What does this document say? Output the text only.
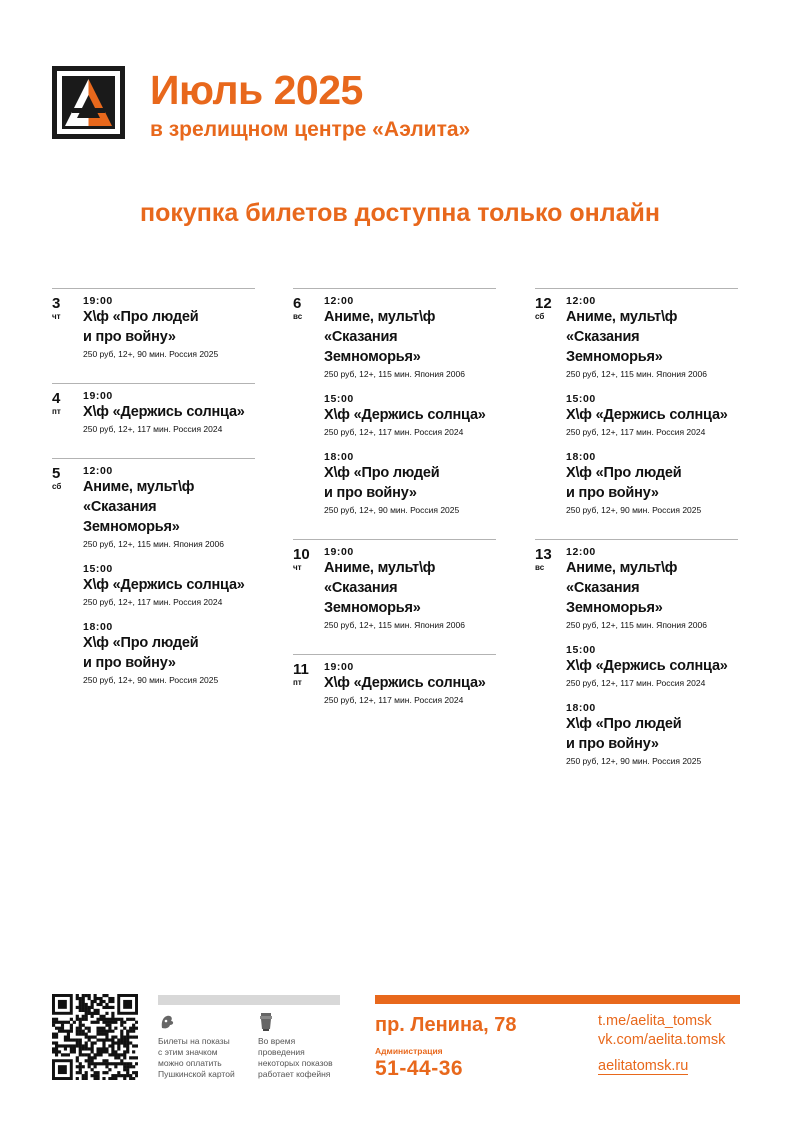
Июль 2025
в зрелищном центре «Аэлита»
покупка билетов доступна только онлайн
3
чт
19:00
Х\ф «Про людей
и про войну»
250 руб, 12+, 90 мин. Россия 2025
4
пт
19:00
Х\ф «Держись солнца»
250 руб, 12+, 117 мин. Россия 2024
5
сб
12:00
Аниме, мульт\ф
«Сказания Земноморья»
250 руб, 12+, 115 мин. Япония 2006
15:00
Х\ф «Держись солнца»
250 руб, 12+, 117 мин. Россия 2024
18:00
Х\ф «Про людей
и про войну»
250 руб, 12+, 90 мин. Россия 2025
6
вс
12:00
Аниме, мульт\ф
«Сказания Земноморья»
250 руб, 12+, 115 мин. Япония 2006
15:00
Х\ф «Держись солнца»
250 руб, 12+, 117 мин. Россия 2024
18:00
Х\ф «Про людей
и про войну»
250 руб, 12+, 90 мин. Россия 2025
10
чт
19:00
Аниме, мульт\ф
«Сказания Земноморья»
250 руб, 12+, 115 мин. Япония 2006
11
пт
19:00
Х\ф «Держись солнца»
250 руб, 12+, 117 мин. Россия 2024
12
сб
12:00
Аниме, мульт\ф
«Сказания Земноморья»
250 руб, 12+, 115 мин. Япония 2006
15:00
Х\ф «Держись солнца»
250 руб, 12+, 117 мин. Россия 2024
18:00
Х\ф «Про людей
и про войну»
250 руб, 12+, 90 мин. Россия 2025
13
вс
12:00
Аниме, мульт\ф
«Сказания Земноморья»
250 руб, 12+, 115 мин. Япония 2006
15:00
Х\ф «Держись солнца»
250 руб, 12+, 117 мин. Россия 2024
18:00
Х\ф «Про людей
и про войну»
250 руб, 12+, 90 мин. Россия 2025
Билеты на показы
с этим значком
можно оплатить
Пушкинской картой
Во время
проведения
некоторых показов
работает кофейня
пр. Ленина, 78
Администрация
51-44-36
t.me/aelita_tomsk
vk.com/aelita.tomsk
aelitatomsk.ru
